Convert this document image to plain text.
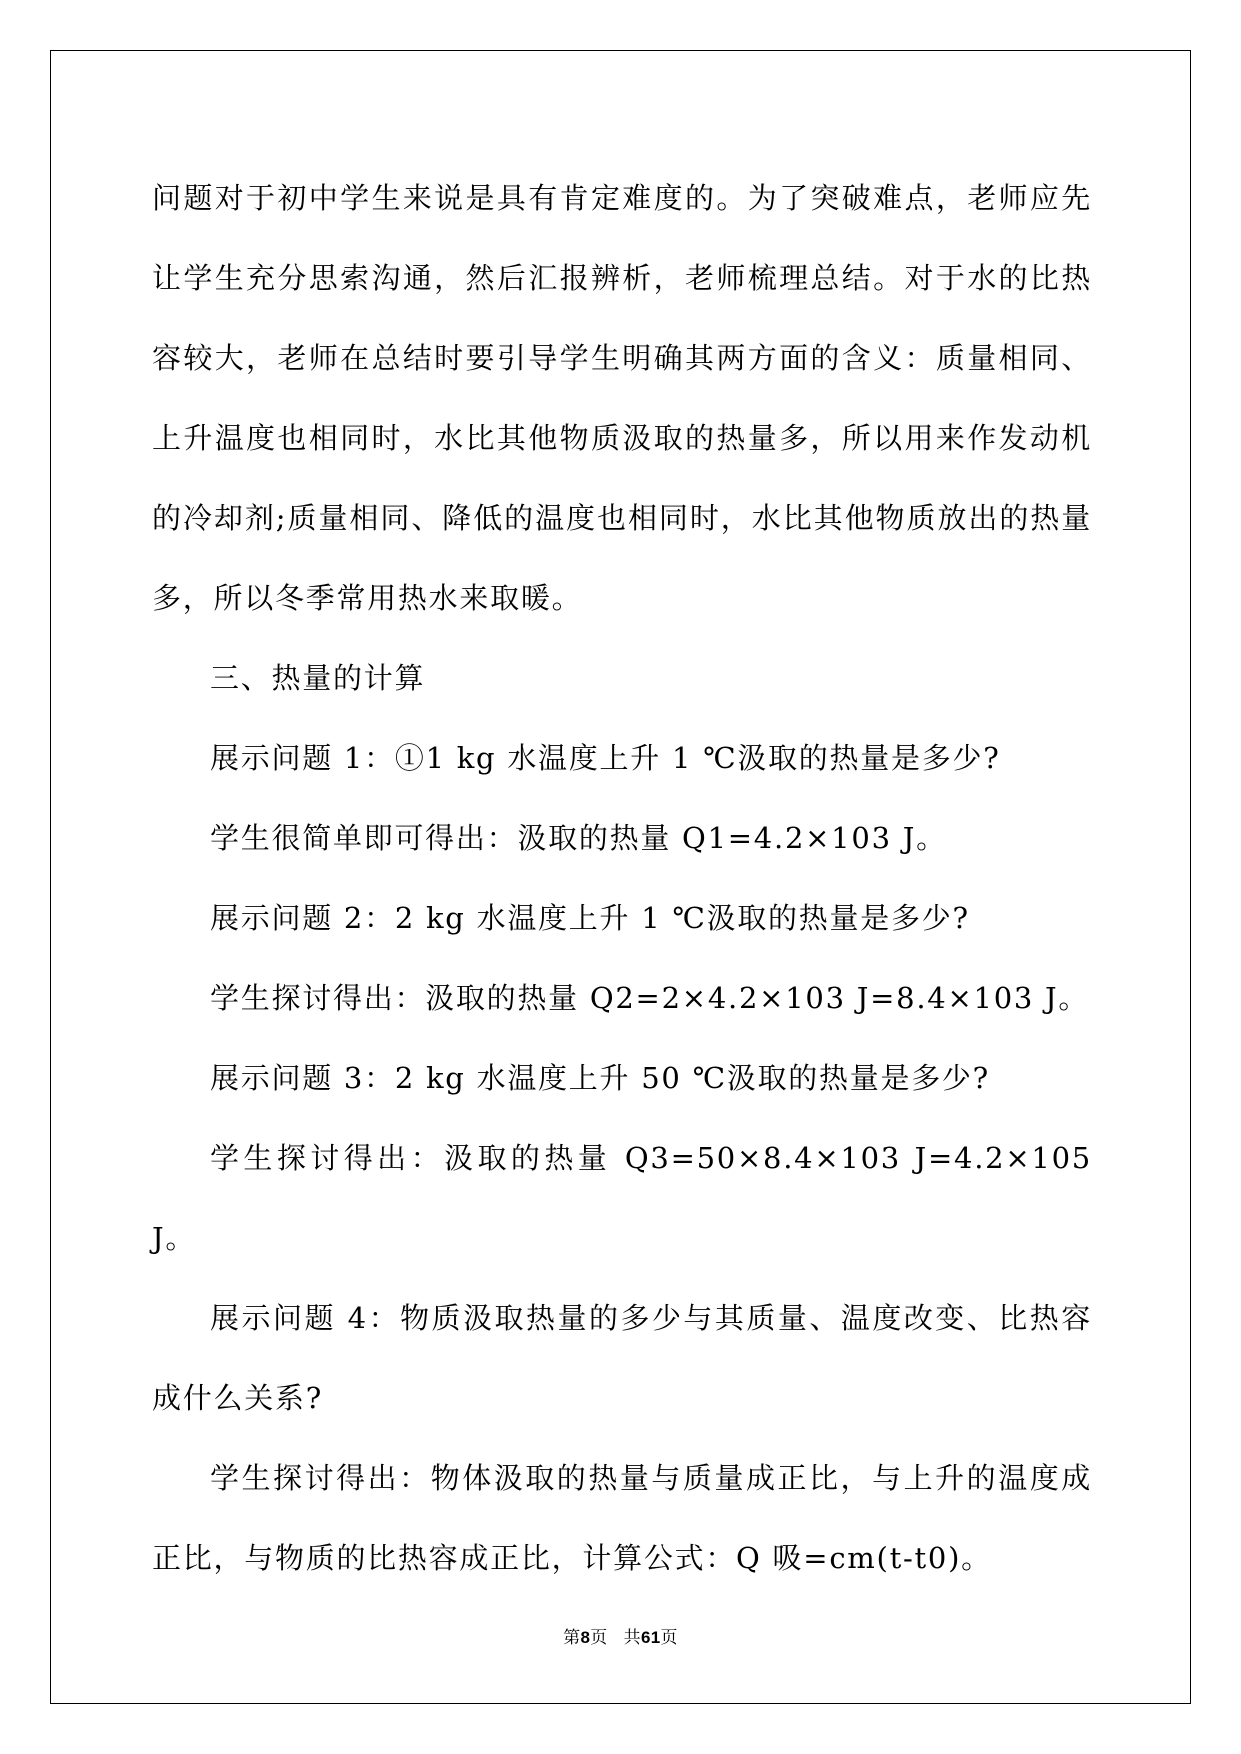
问题对于初中学生来说是具有肯定难度的。为了突破难点，老师应先让学生充分思索沟通，然后汇报辨析，老师梳理总结。对于水的比热容较大，老师在总结时要引导学生明确其两方面的含义：质量相同、上升温度也相同时，水比其他物质汲取的热量多，所以用来作发动机的冷却剂;质量相同、降低的温度也相同时，水比其他物质放出的热量多，所以冬季常用热水来取暖。

三、热量的计算

展示问题 1：①1 kg 水温度上升 1 ℃汲取的热量是多少?

学生很简单即可得出：汲取的热量 Q1=4.2×103 J。

展示问题 2：2 kg 水温度上升 1 ℃汲取的热量是多少?

学生探讨得出：汲取的热量 Q2=2×4.2×103 J=8.4×103 J。

展示问题 3：2 kg 水温度上升 50 ℃汲取的热量是多少?

学生探讨得出：汲取的热量 Q3=50×8.4×103 J=4.2×105 J。

展示问题 4：物质汲取热量的多少与其质量、温度改变、比热容成什么关系?

学生探讨得出：物体汲取的热量与质量成正比，与上升的温度成正比，与物质的比热容成正比，计算公式：Q 吸=cm(t-t0)。

第8页 共61页
